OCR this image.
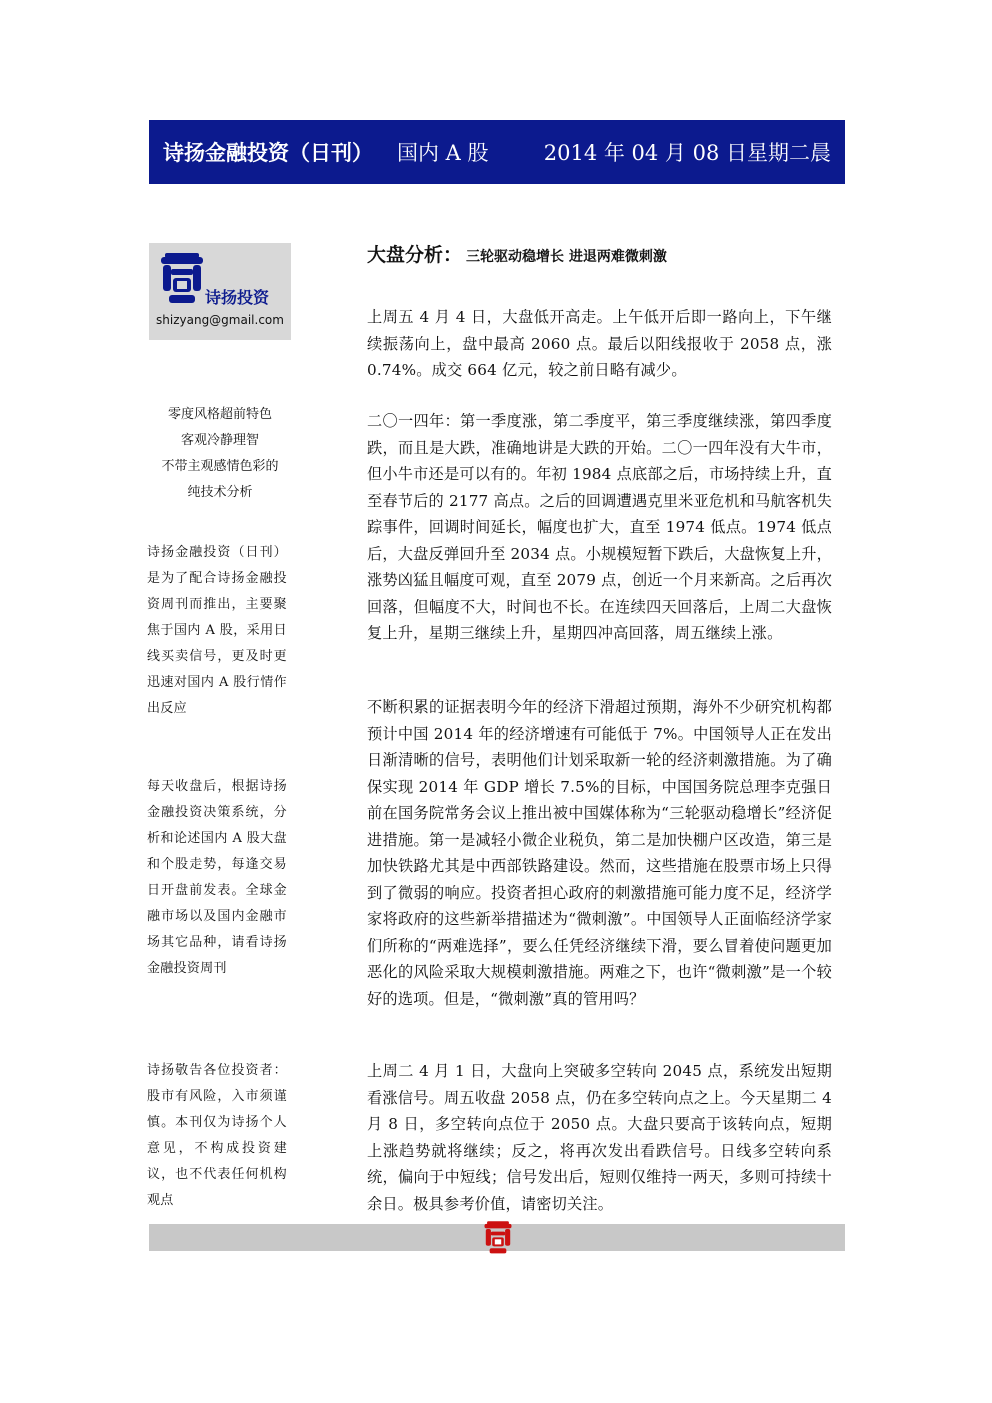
诗扬金融投资（日刊） 国内 A 股	2014 年 04 月 08 日星期二晨
诗扬投资
shizyang@gmail.com
零度风格超前特色
客观冷静理智
不带主观感情色彩的
纯技术分析
诗扬金融投资（日刊）是为了配合诗扬金融投资周刊而推出，主要聚焦于国内 A 股，采用日线买卖信号，更及时更迅速对国内 A 股行情作出反应
每天收盘后，根据诗扬金融投资决策系统，分析和论述国内 A 股大盘和个股走势，每逢交易日开盘前发表。全球金融市场以及国内金融市场其它品种，请看诗扬金融投资周刊
诗扬敬告各位投资者：股市有风险，入市须谨慎。本刊仅为诗扬个人意见，不构成投资建议，也不代表任何机构观点
大盘分析： 三轮驱动稳增长 进退两难微刺激
上周五 4 月 4 日，大盘低开高走。上午低开后即一路向上，下午继续振荡向上，盘中最高 2060 点。最后以阳线报收于 2058 点，涨 0.74%。成交 664 亿元，较之前日略有减少。
二〇一四年：第一季度涨，第二季度平，第三季度继续涨，第四季度跌，而且是大跌，准确地讲是大跌的开始。二〇一四年没有大牛市，但小牛市还是可以有的。年初 1984 点底部之后，市场持续上升，直至春节后的 2177 高点。之后的回调遭遇克里米亚危机和马航客机失踪事件，回调时间延长，幅度也扩大，直至 1974 低点。1974 低点后，大盘反弹回升至 2034 点。小规模短暂下跌后，大盘恢复上升，涨势凶猛且幅度可观，直至 2079 点，创近一个月来新高。之后再次回落，但幅度不大，时间也不长。在连续四天回落后，上周二大盘恢复上升，星期三继续上升，星期四冲高回落，周五继续上涨。
不断积累的证据表明今年的经济下滑超过预期，海外不少研究机构都预计中国 2014 年的经济增速有可能低于 7%。中国领导人正在发出日渐清晰的信号，表明他们计划采取新一轮的经济刺激措施。为了确保实现 2014 年 GDP 增长 7.5%的目标，中国国务院总理李克强日前在国务院常务会议上推出被中国媒体称为“三轮驱动稳增长”经济促进措施。第一是减轻小微企业税负，第二是加快棚户区改造，第三是加快铁路尤其是中西部铁路建设。然而，这些措施在股票市场上只得到了微弱的响应。投资者担心政府的刺激措施可能力度不足，经济学家将政府的这些新举措描述为“微刺激”。中国领导人正面临经济学家们所称的“两难选择”，要么任凭经济继续下滑，要么冒着使问题更加恶化的风险采取大规模刺激措施。两难之下，也许“微刺激”是一个较好的选项。但是，“微刺激”真的管用吗？
上周二 4 月 1 日，大盘向上突破多空转向 2045 点，系统发出短期看涨信号。周五收盘 2058 点，仍在多空转向点之上。今天星期二 4 月 8 日，多空转向点位于 2050 点。大盘只要高于该转向点，短期上涨趋势就将继续；反之，将再次发出看跌信号。日线多空转向系统，偏向于中短线；信号发出后，短则仅维持一两天，多则可持续十余日。极具参考价值，请密切关注。
